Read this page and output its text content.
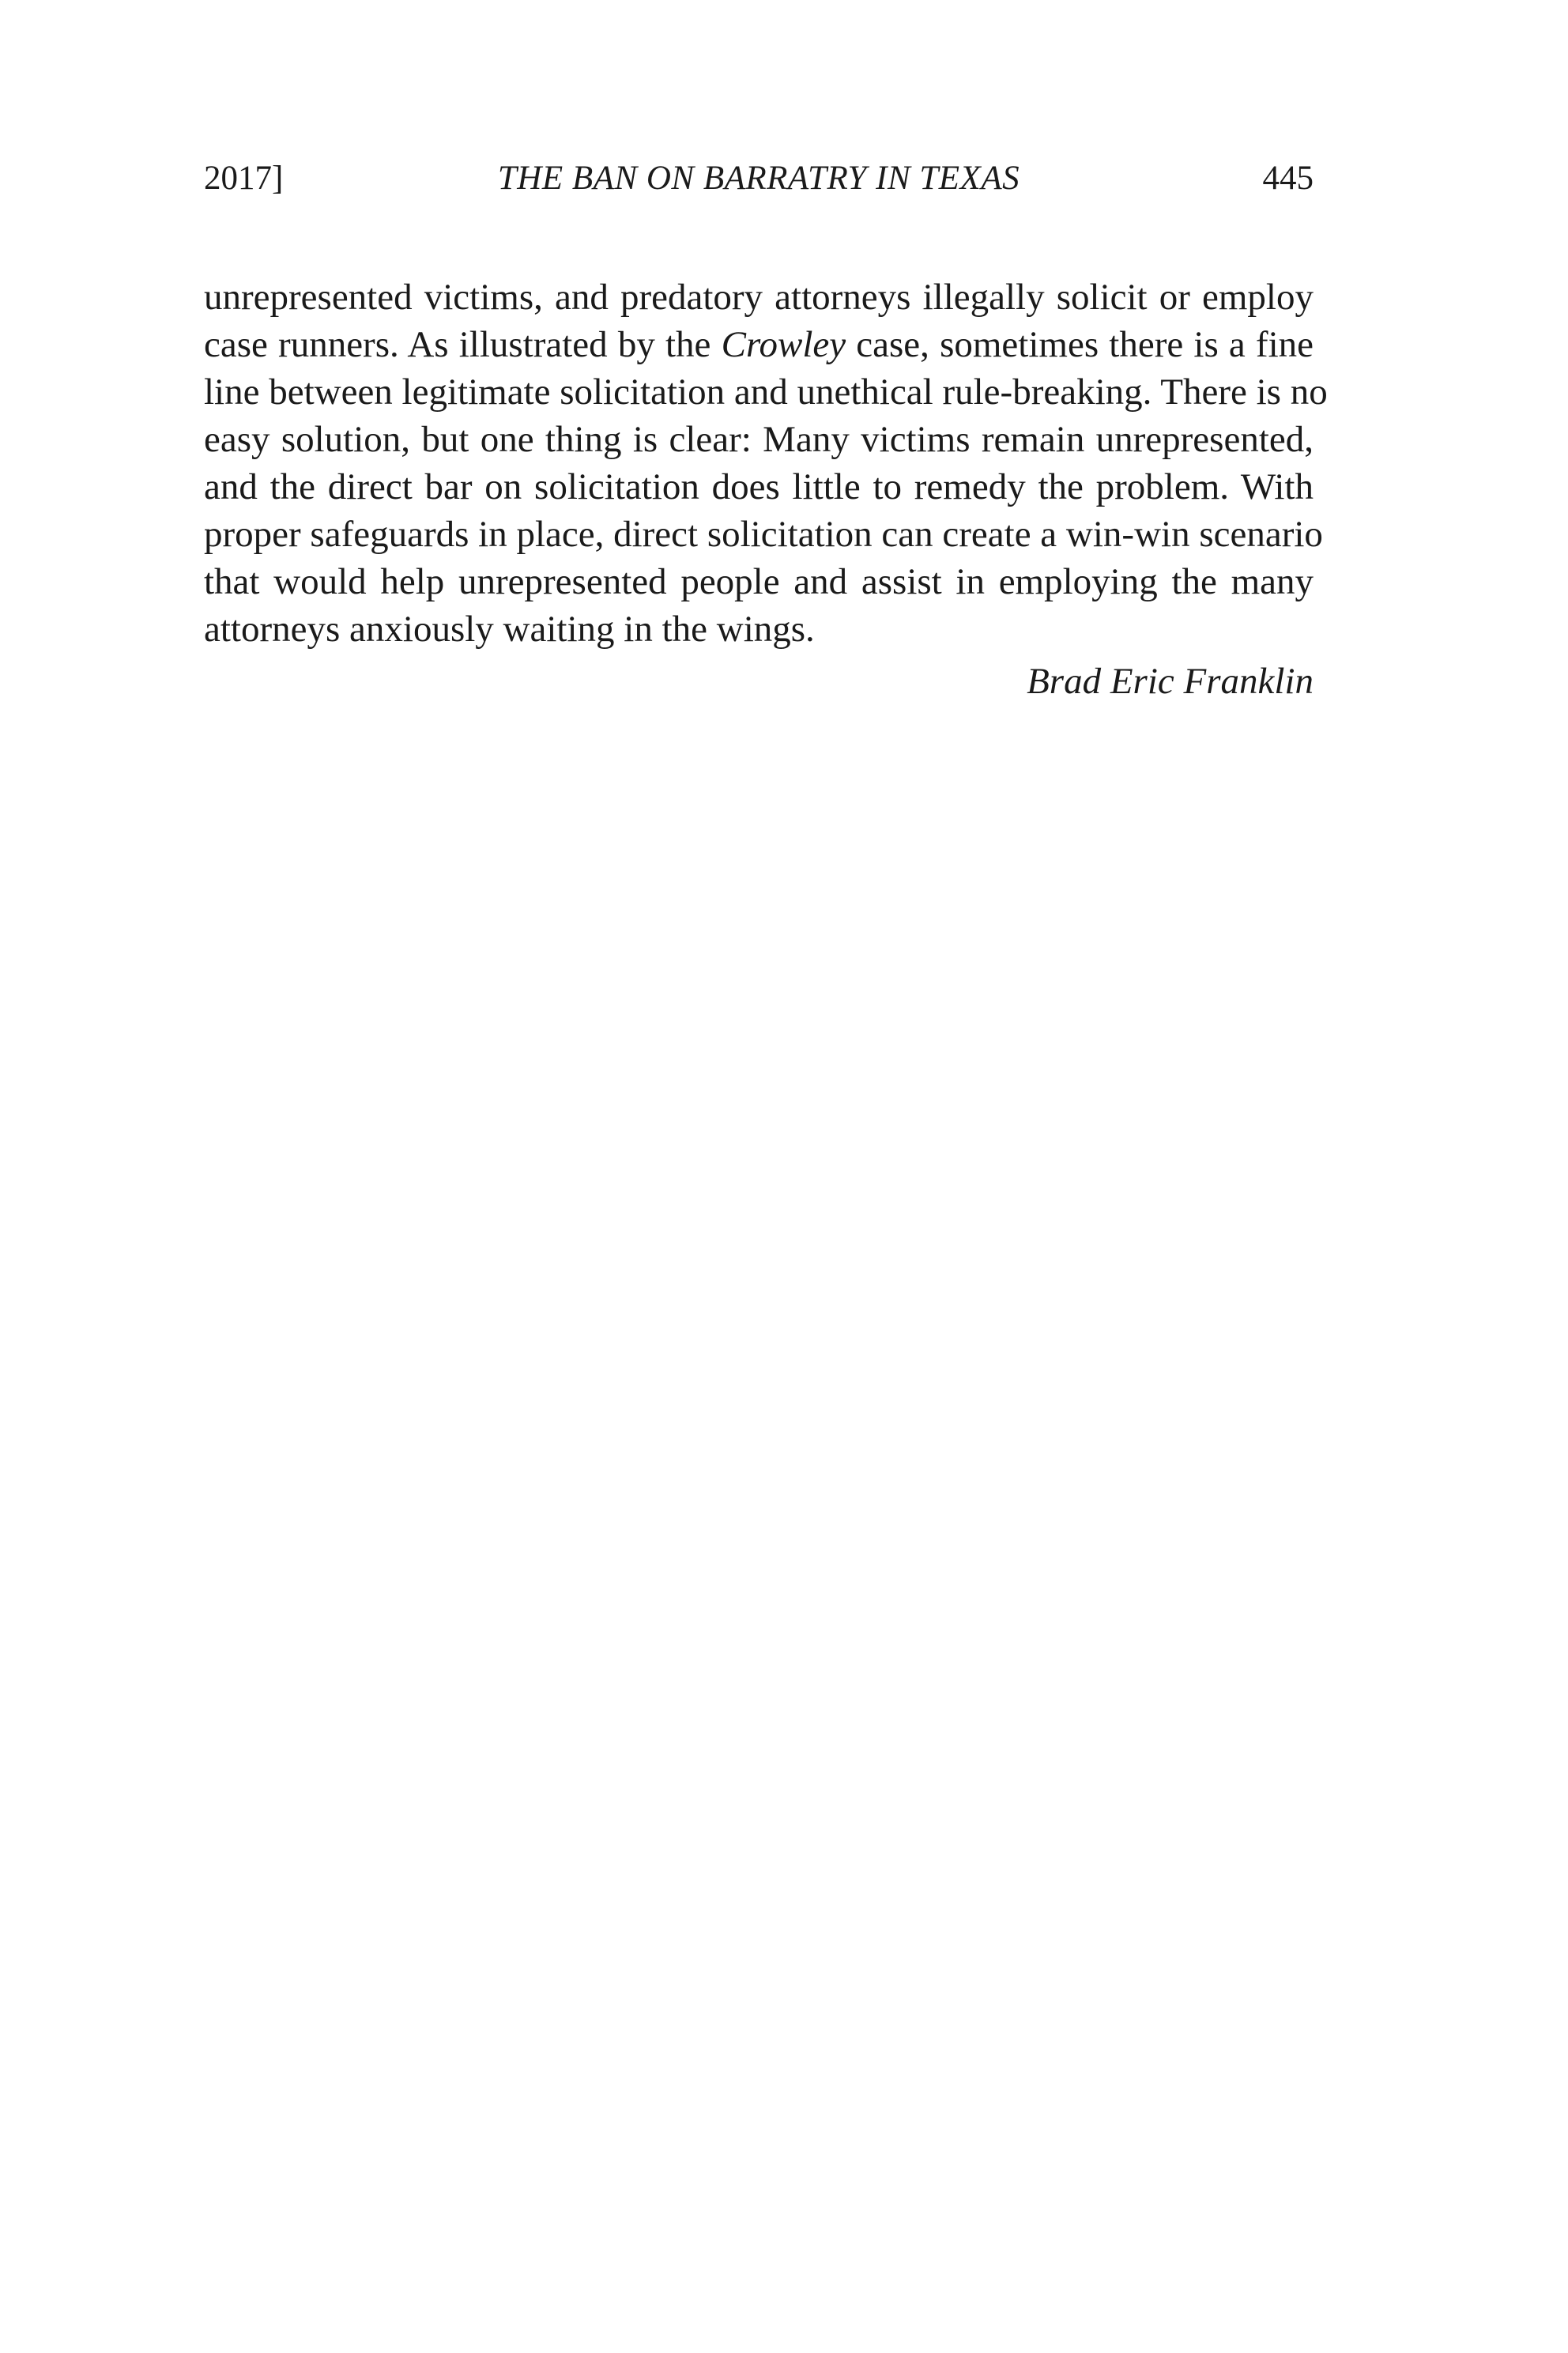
2017]	THE BAN ON BARRATRY IN TEXAS	445

unrepresented victims, and predatory attorneys illegally solicit or employ
case runners. As illustrated by the Crowley case, sometimes there is a fine
line between legitimate solicitation and unethical rule-breaking. There is no
easy solution, but one thing is clear: Many victims remain unrepresented,
and the direct bar on solicitation does little to remedy the problem. With
proper safeguards in place, direct solicitation can create a win-win scenario
that would help unrepresented people and assist in employing the many
attorneys anxiously waiting in the wings.

Brad Eric Franklin
